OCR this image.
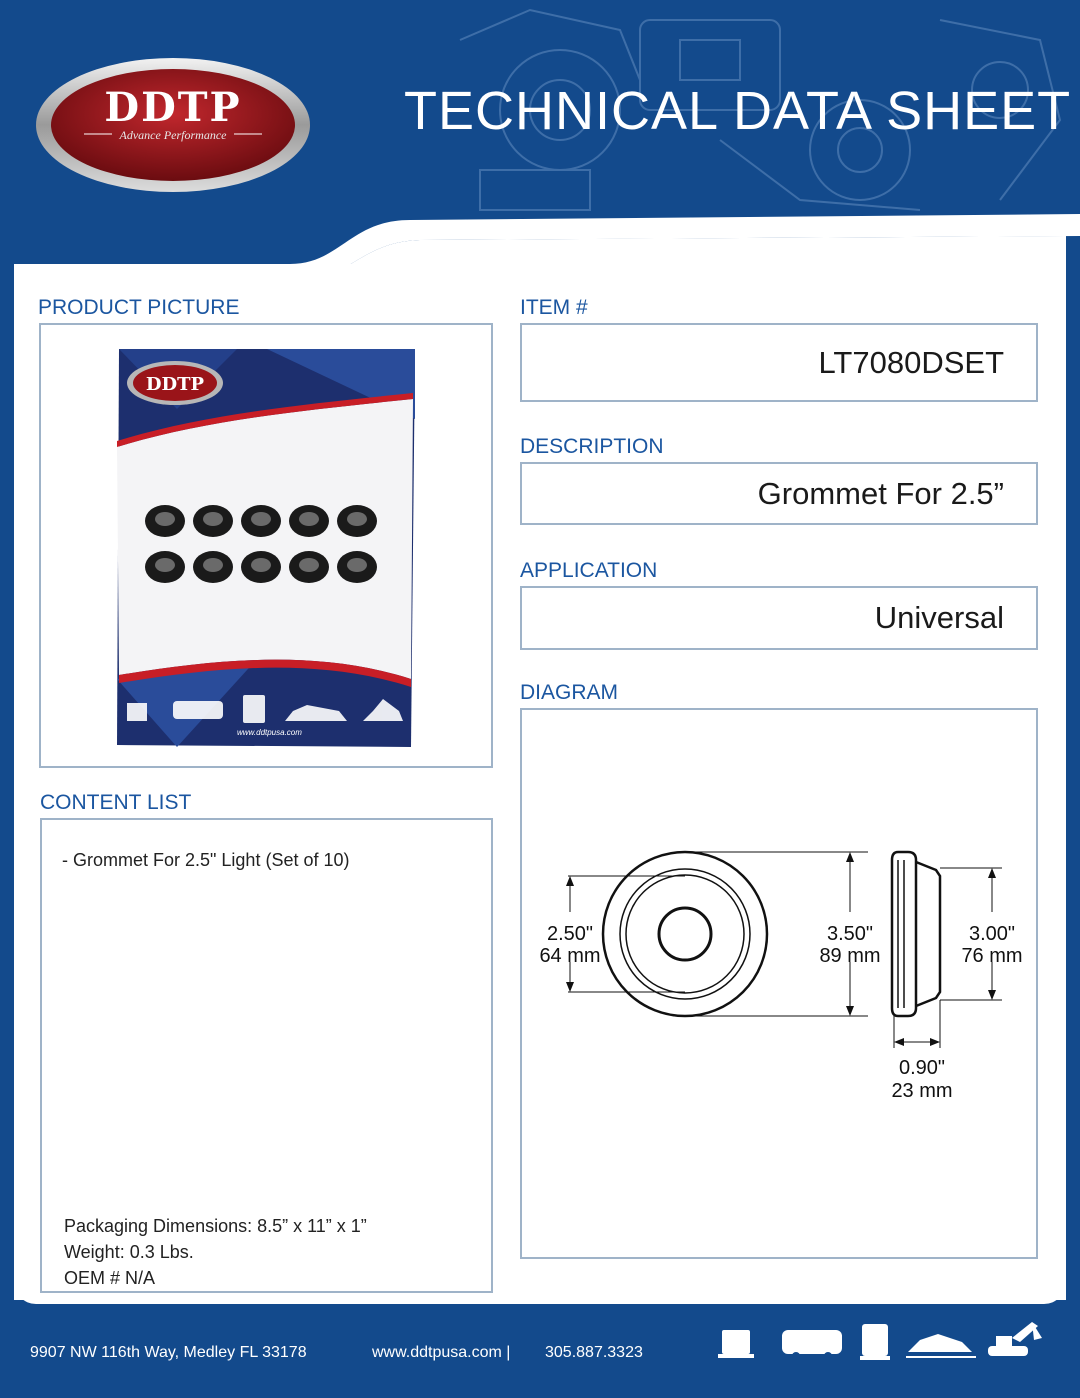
DDTP
Advance Performance	TECHNICAL DATA SHEET
PRODUCT PICTURE
DDTP
www.ddtpusa.com
ITEM #
LT7080DSET
DESCRIPTION
Grommet For 2.5”
APPLICATION
Universal
DIAGRAM
2.50"
64 mm
3.50"
89 mm
3.00"
76 mm
0.90"
23 mm
CONTENT LIST
- Grommet For 2.5" Light (Set of 10)
Packaging Dimensions: 8.5” x 11” x 1”
Weight: 0.3 Lbs.
OEM # N/A
9907 NW 116th Way, Medley FL 33178	www.ddtpusa.com | 305.887.3323
